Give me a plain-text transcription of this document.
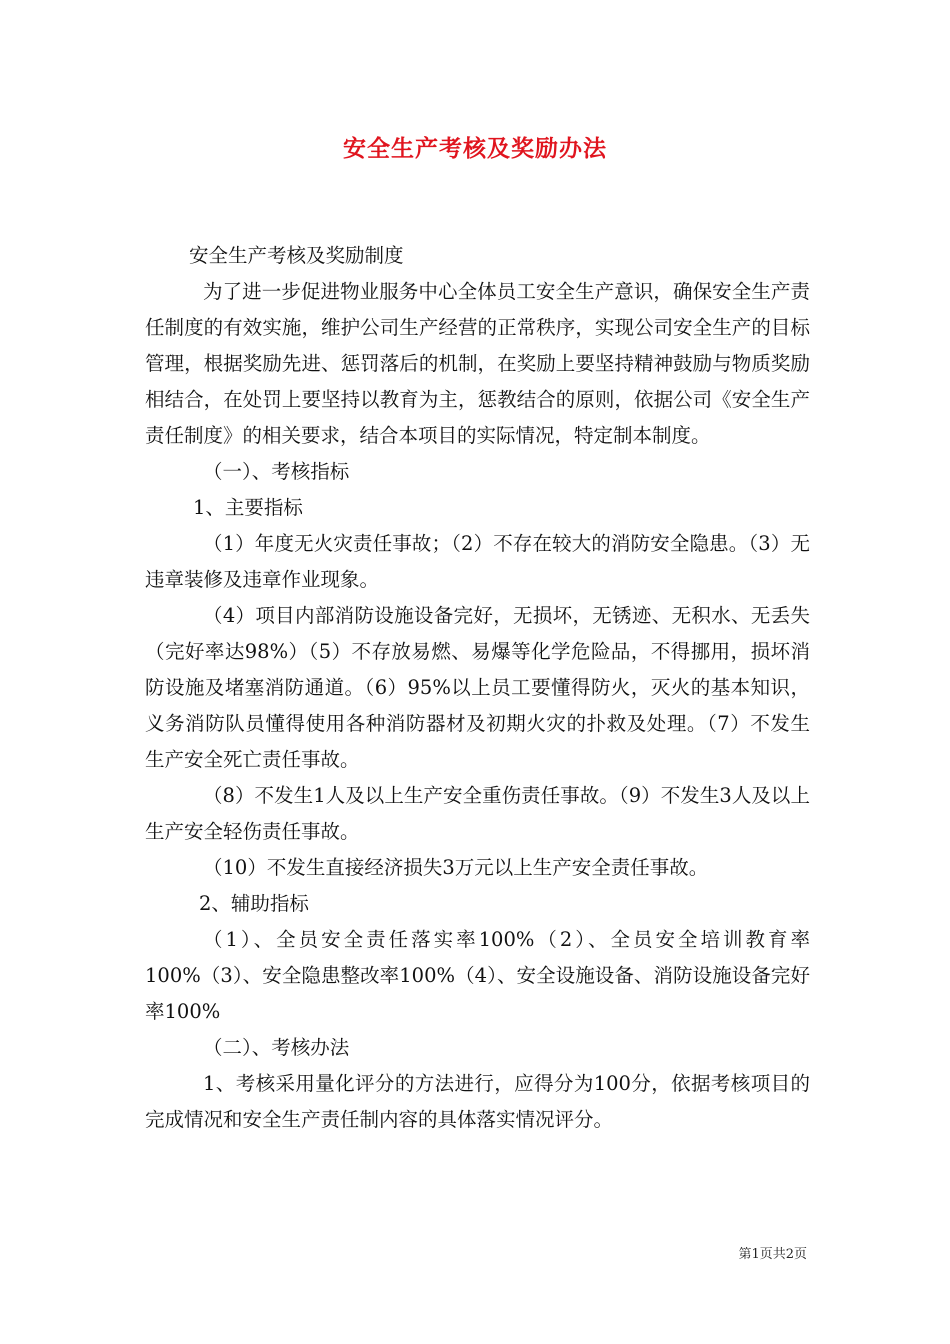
安全生产考核及奖励办法

安全生产考核及奖励制度

为了进一步促进物业服务中心全体员工安全生产意识，确保安全生产责任制度的有效实施，维护公司生产经营的正常秩序，实现公司安全生产的目标管理，根据奖励先进、惩罚落后的机制，在奖励上要坚持精神鼓励与物质奖励相结合，在处罚上要坚持以教育为主，惩教结合的原则，依据公司《安全生产责任制度》的相关要求，结合本项目的实际情况，特定制本制度。

（一）、考核指标

1、主要指标

（1）年度无火灾责任事故；（2）不存在较大的消防安全隐患。（3）无违章装修及违章作业现象。

（4）项目内部消防设施设备完好，无损坏，无锈迹、无积水、无丢失（完好率达98%）（5）不存放易燃、易爆等化学危险品，不得挪用，损坏消防设施及堵塞消防通道。（6）95%以上员工要懂得防火，灭火的基本知识，义务消防队员懂得使用各种消防器材及初期火灾的扑救及处理。（7）不发生生产安全死亡责任事故。

（8）不发生1人及以上生产安全重伤责任事故。（9）不发生3人及以上生产安全轻伤责任事故。

（10）不发生直接经济损失3万元以上生产安全责任事故。

2、辅助指标

（1）、全员安全责任落实率100%（2）、全员安全培训教育率100%（3）、安全隐患整改率100%（4）、安全设施设备、消防设施设备完好率100%

（二）、考核办法

1、考核采用量化评分的方法进行，应得分为100分，依据考核项目的完成情况和安全生产责任制内容的具体落实情况评分。

第1页共2页
